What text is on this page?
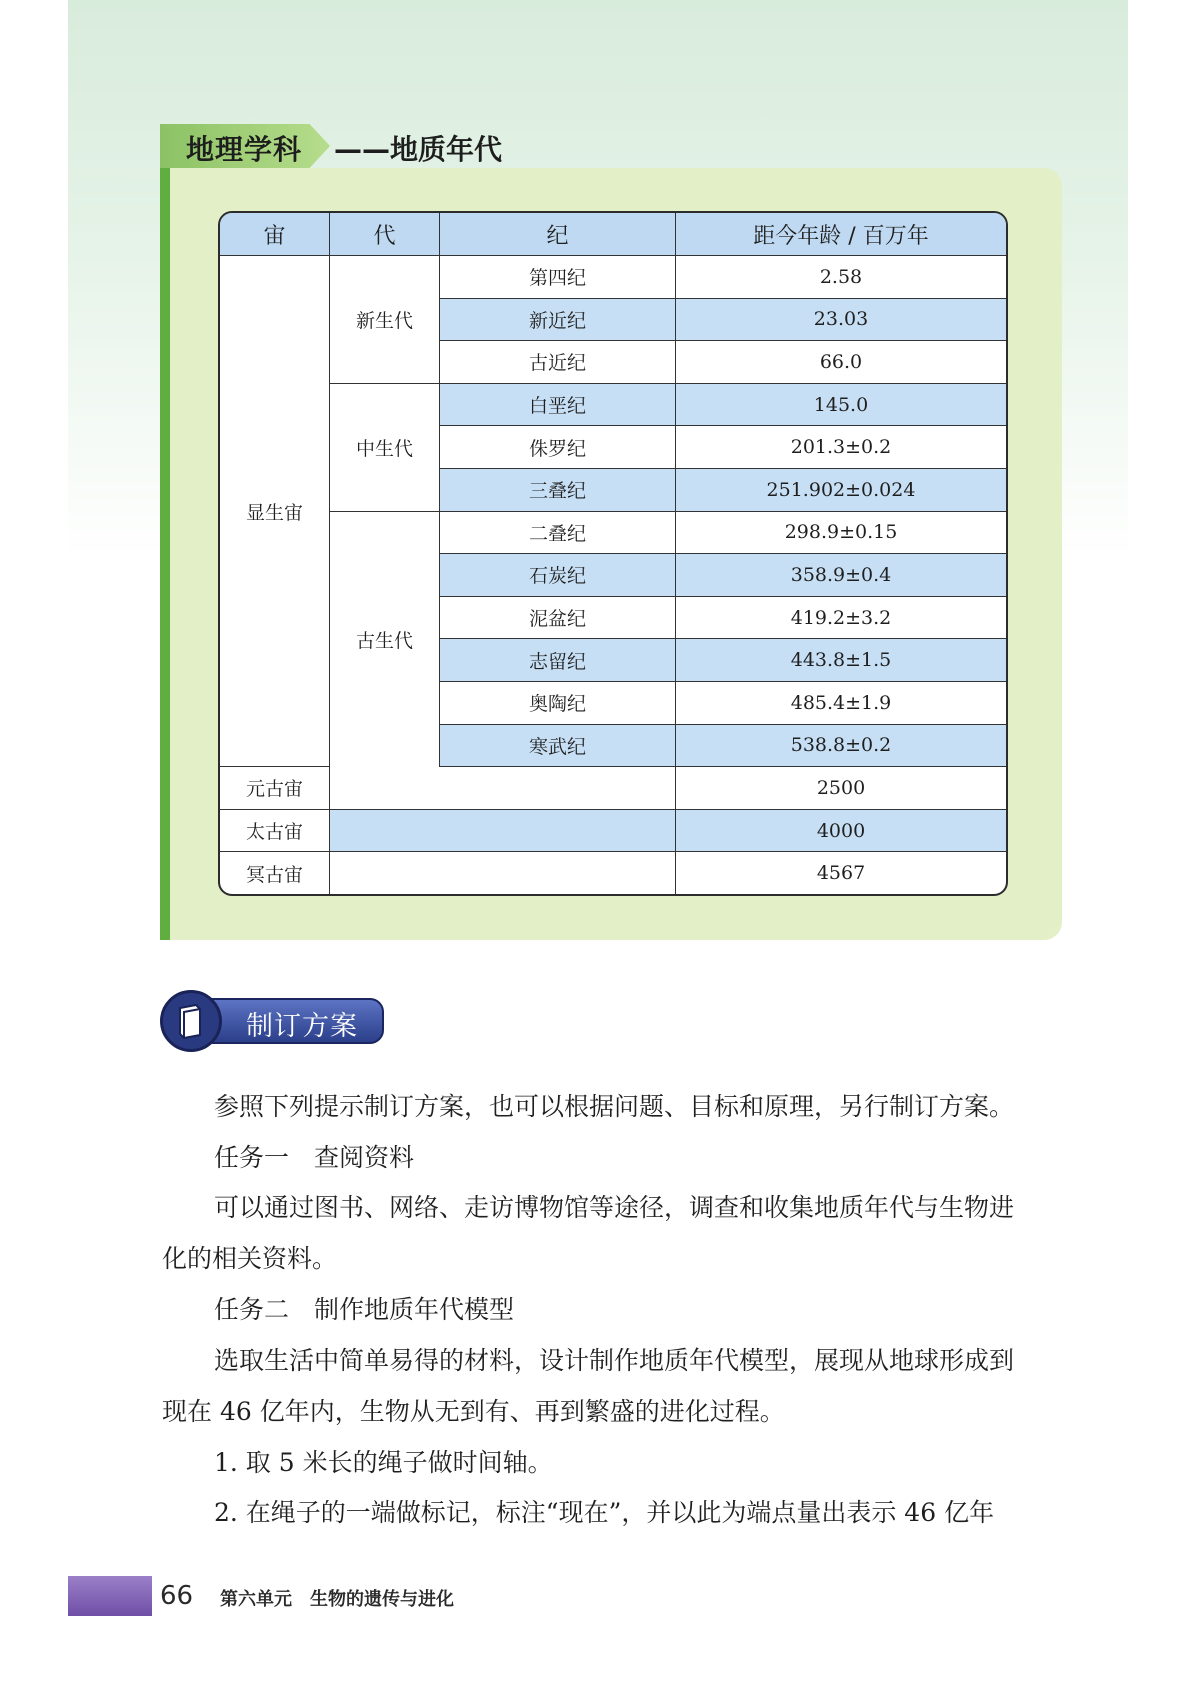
地理学科 ——地质年代
宙	代	纪	距今年龄 / 百万年
显生宙	新生代	第四纪	2.58
		新近纪	23.03
		古近纪	66.0
	中生代	白垩纪	145.0
		侏罗纪	201.3±0.2
		三叠纪	251.902±0.024
	古生代	二叠纪	298.9±0.15
		石炭纪	358.9±0.4
		泥盆纪	419.2±3.2
		志留纪	443.8±1.5
		奥陶纪	485.4±1.9
		寒武纪	538.8±0.2
元古宙			2500
太古宙			4000
冥古宙			4567
制订方案

参照下列提示制订方案，也可以根据问题、目标和原理，另行制订方案。

任务一　查阅资料

可以通过图书、网络、走访博物馆等途径，调查和收集地质年代与生物进

化的相关资料。

任务二　制作地质年代模型

选取生活中简单易得的材料，设计制作地质年代模型，展现从地球形成到

现在 46 亿年内，生物从无到有、再到繁盛的进化过程。

1. 取 5 米长的绳子做时间轴。

2. 在绳子的一端做标记，标注“现在”，并以此为端点量出表示 46 亿年

66 第六单元　生物的遗传与进化
